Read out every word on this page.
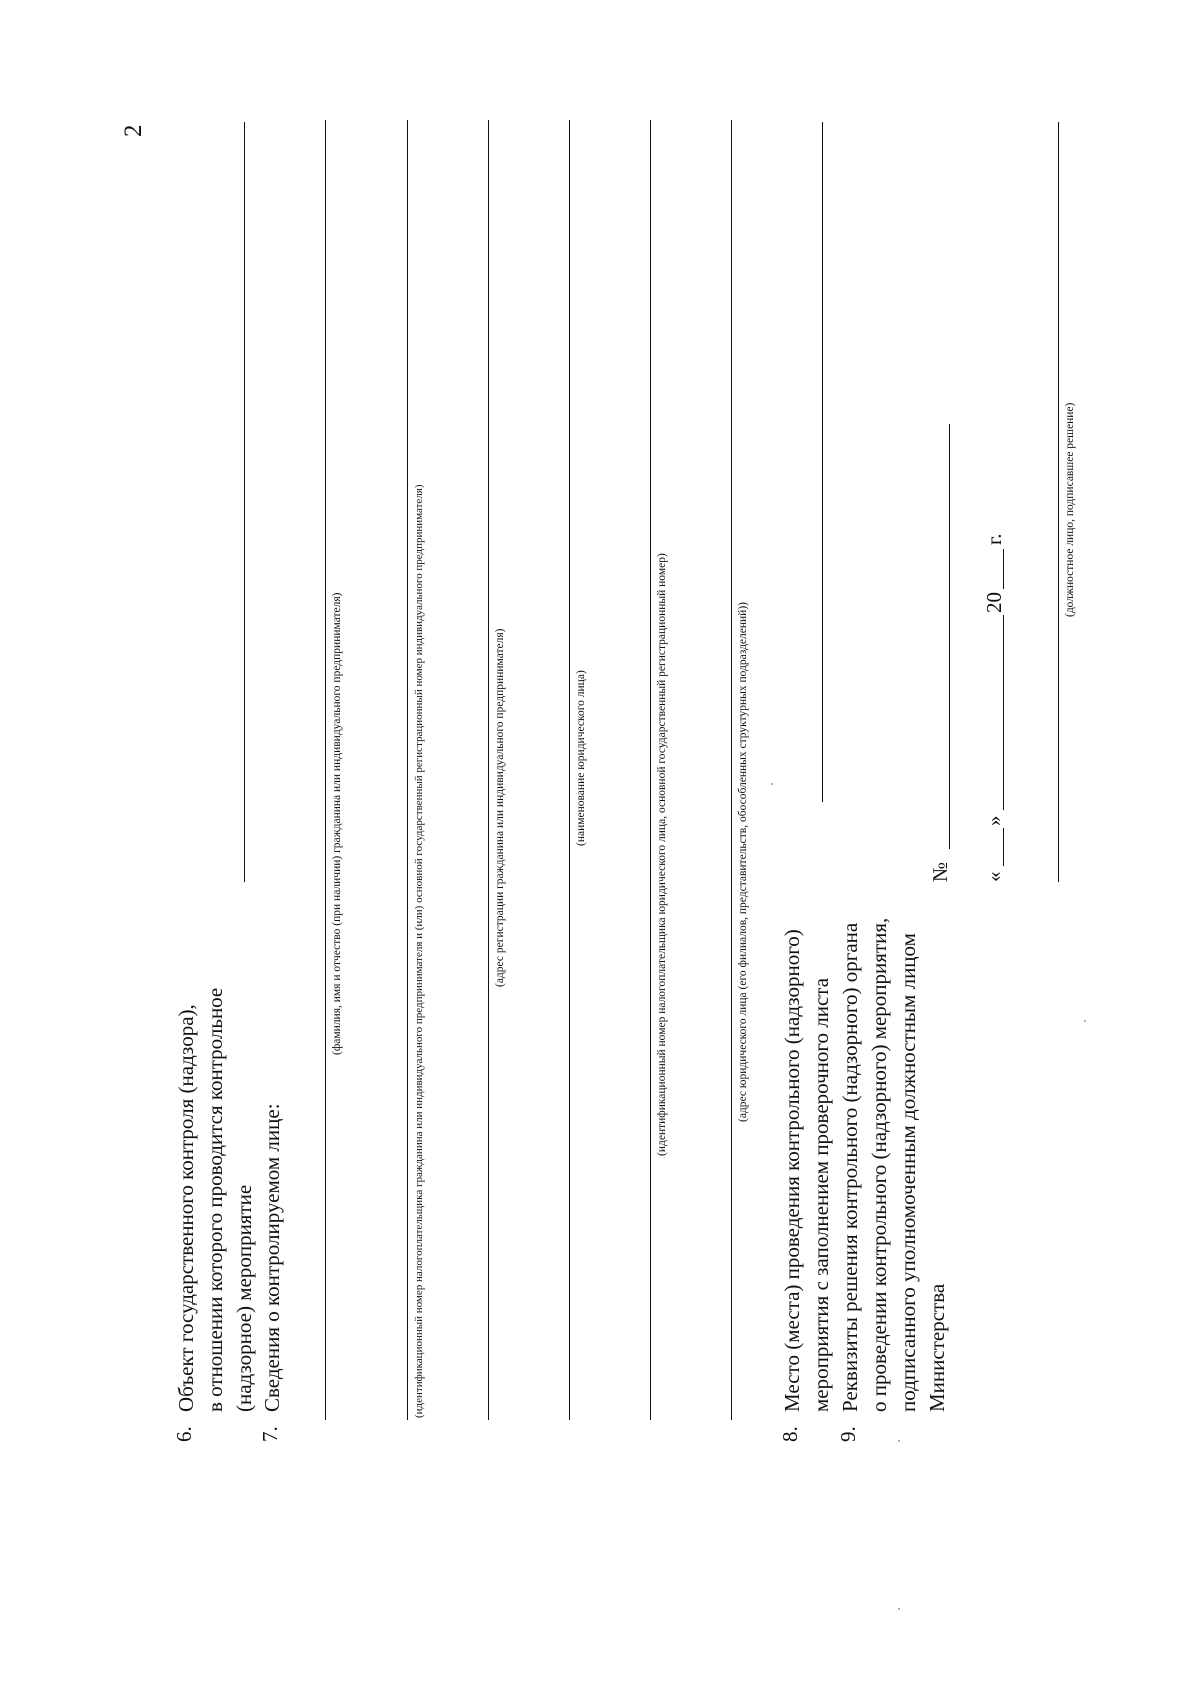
2
6.
Объект государственного контроля (надзора), в отношении которого проводится контрольное (надзорное) мероприятие
7.
Сведения о контролируемом лице:
(фамилия, имя и отчество (при наличии) гражданина или индивидуального предпринимателя)	(идентификационный номер налогоплательщика гражданина или индивидуального предпринимателя и (или) основной государственный регистрационный номер индивидуального предпринимателя)	(адрес регистрации гражданина или индивидуального предпринимателя)	(наименование юридического лица)	(идентификационный номер налогоплательщика юридического лица, основной государственный регистрационный номер)	(адрес юридического лица (его филиалов, представительств, обособленных структурных подразделений))
8.
Место (места) проведения контрольного (надзорного) мероприятия с заполнением проверочного листа
9.
Реквизиты решения контрольного (надзорного) органа о проведении контрольного (надзорного) мероприятия, подписанного уполномоченным должностным лицом Министерства
№ «
»
20
г.	(должностное лицо, подписавшее решение)
